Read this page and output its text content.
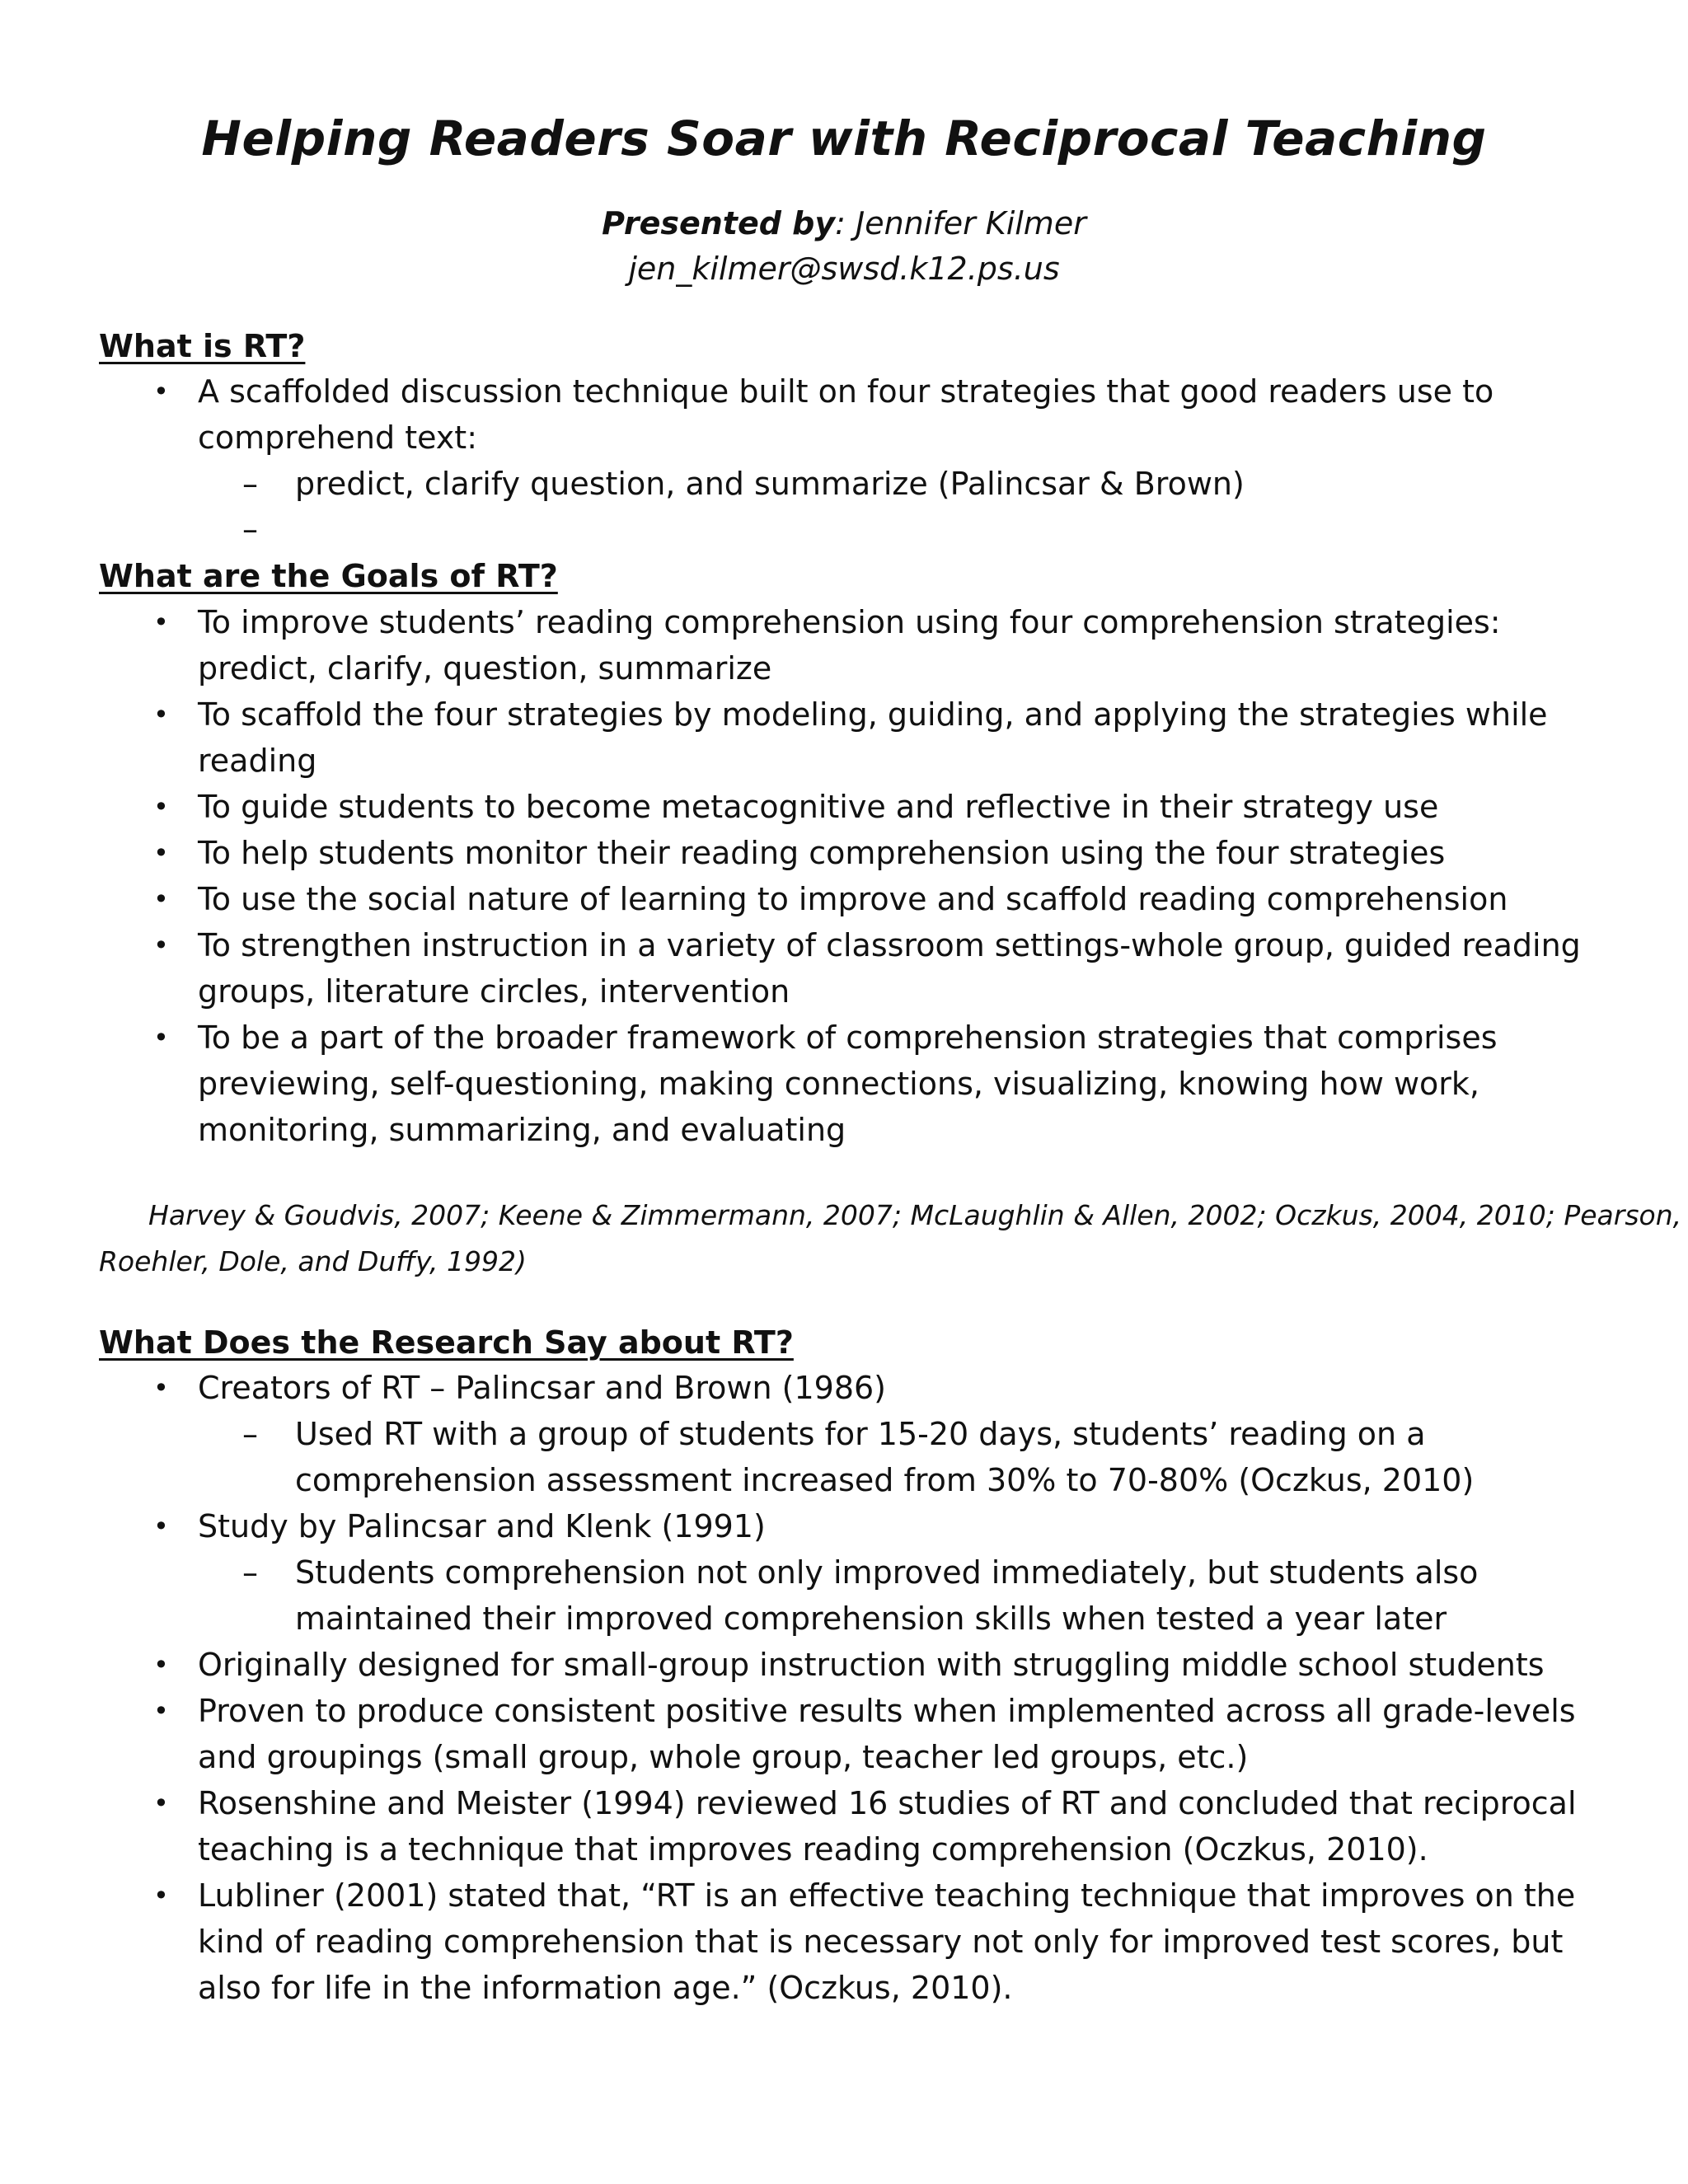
Helping Readers Soar with Reciprocal Teaching
Presented by: Jennifer Kilmer
jen_kilmer@swsd.k12.ps.us
What is RT?
• A scaffolded discussion technique built on four strategies that good readers use to
comprehend text:
– predict, clarify question, and summarize (Palincsar & Brown)
–
What are the Goals of RT?
• To improve students’ reading comprehension using four comprehension strategies:
predict, clarify, question, summarize
• To scaffold the four strategies by modeling, guiding, and applying the strategies while
reading
• To guide students to become metacognitive and reflective in their strategy use
• To help students monitor their reading comprehension using the four strategies
• To use the social nature of learning to improve and scaffold reading comprehension
• To strengthen instruction in a variety of classroom settings-whole group, guided reading
groups, literature circles, intervention
• To be a part of the broader framework of comprehension strategies that comprises
previewing, self-questioning, making connections, visualizing, knowing how work,
monitoring, summarizing, and evaluating
Harvey & Goudvis, 2007; Keene & Zimmermann, 2007; McLaughlin & Allen, 2002; Oczkus, 2004, 2010; Pearson,
Roehler, Dole, and Duffy, 1992)
What Does the Research Say about RT?
• Creators of RT – Palincsar and Brown (1986)
– Used RT with a group of students for 15-20 days, students’ reading on a
comprehension assessment increased from 30% to 70-80% (Oczkus, 2010)
• Study by Palincsar and Klenk (1991)
– Students comprehension not only improved immediately, but students also
maintained their improved comprehension skills when tested a year later
• Originally designed for small-group instruction with struggling middle school students
• Proven to produce consistent positive results when implemented across all grade-levels
and groupings (small group, whole group, teacher led groups, etc.)
• Rosenshine and Meister (1994) reviewed 16 studies of RT and concluded that reciprocal
teaching is a technique that improves reading comprehension (Oczkus, 2010).
• Lubliner (2001) stated that, “RT is an effective teaching technique that improves on the
kind of reading comprehension that is necessary not only for improved test scores, but
also for life in the information age.” (Oczkus, 2010).
